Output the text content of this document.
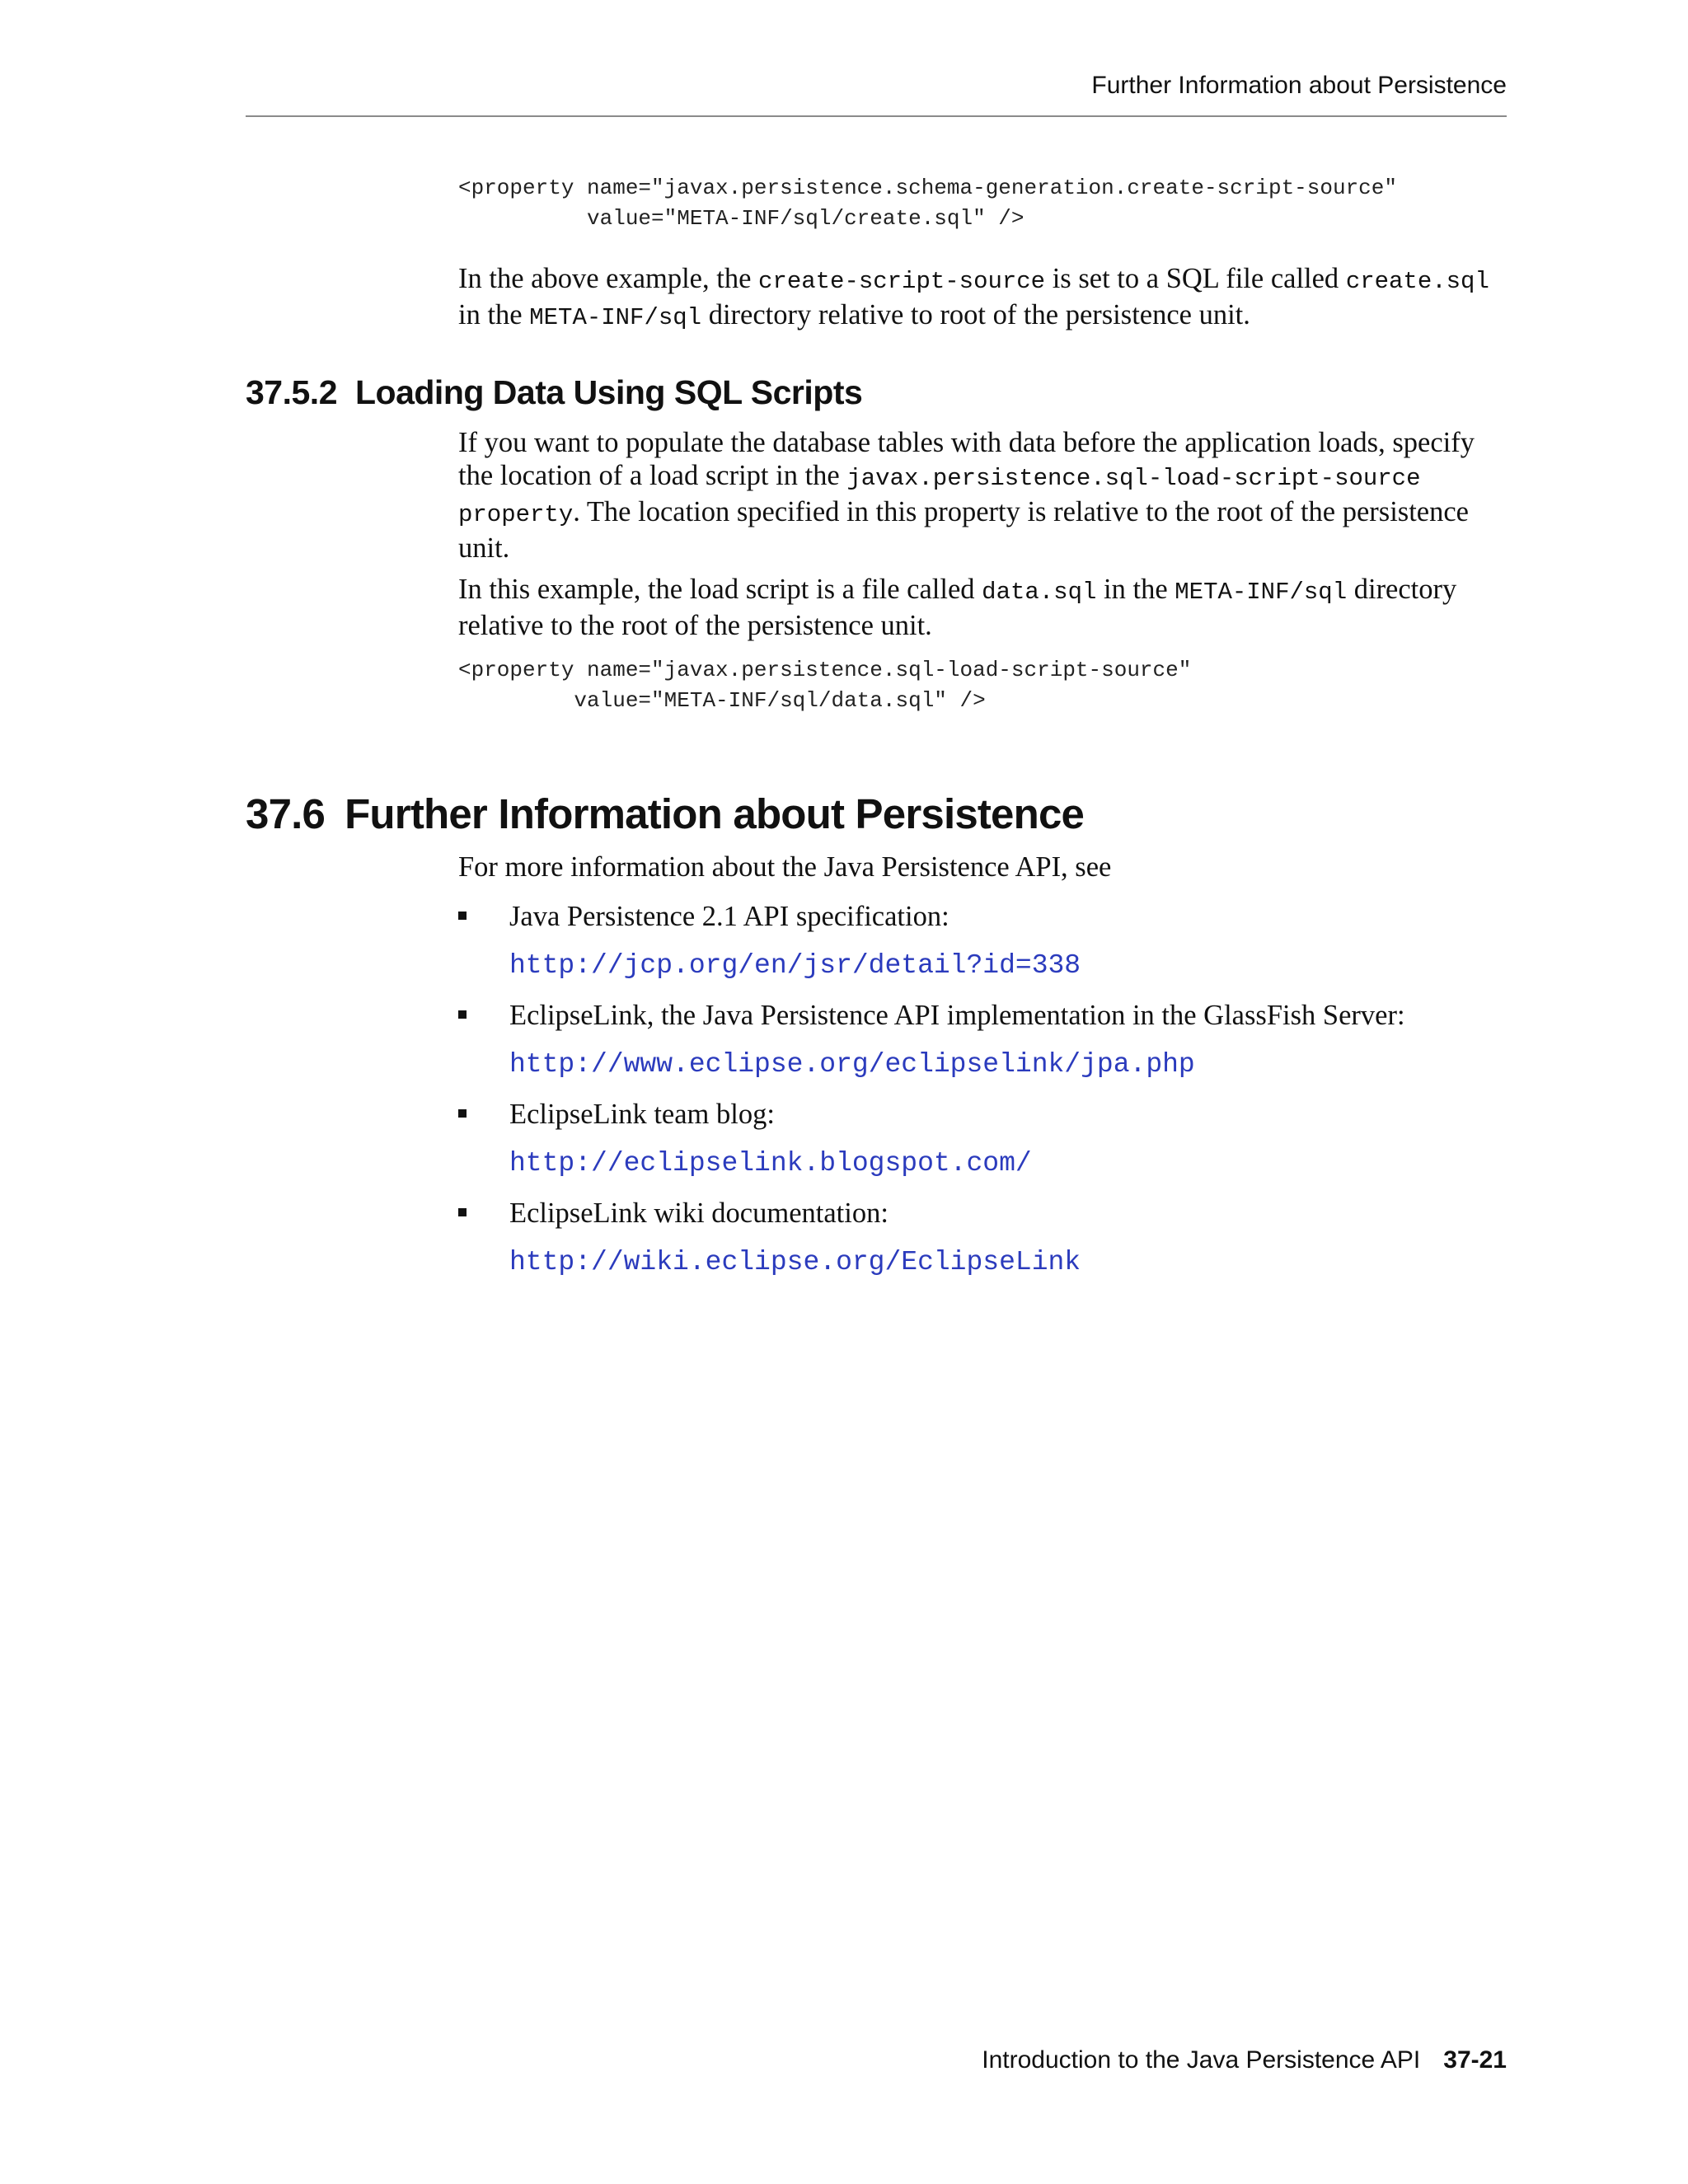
Further Information about Persistence
<property name="javax.persistence.schema-generation.create-script-source"
value="META-INF/sql/create.sql" />

In the above example, the create-script-source is set to a SQL file called create.sql in the META-INF/sql directory relative to root of the persistence unit.

37.5.2 Loading Data Using SQL Scripts

If you want to populate the database tables with data before the application loads, specify the location of a load script in the javax.persistence.sql-load-script-source property. The location specified in this property is relative to the root of the persistence unit.

In this example, the load script is a file called data.sql in the META-INF/sql directory relative to the root of the persistence unit.

<property name="javax.persistence.sql-load-script-source"
value="META-INF/sql/data.sql" />
37.6 Further Information about Persistence

For more information about the Java Persistence API, see

Java Persistence 2.1 API specification:
http://jcp.org/en/jsr/detail?id=338
EclipseLink, the Java Persistence API implementation in the GlassFish Server:
http://www.eclipse.org/eclipselink/jpa.php
EclipseLink team blog:
http://eclipselink.blogspot.com/
EclipseLink wiki documentation:
http://wiki.eclipse.org/EclipseLink
Introduction to the Java Persistence API 37-21
